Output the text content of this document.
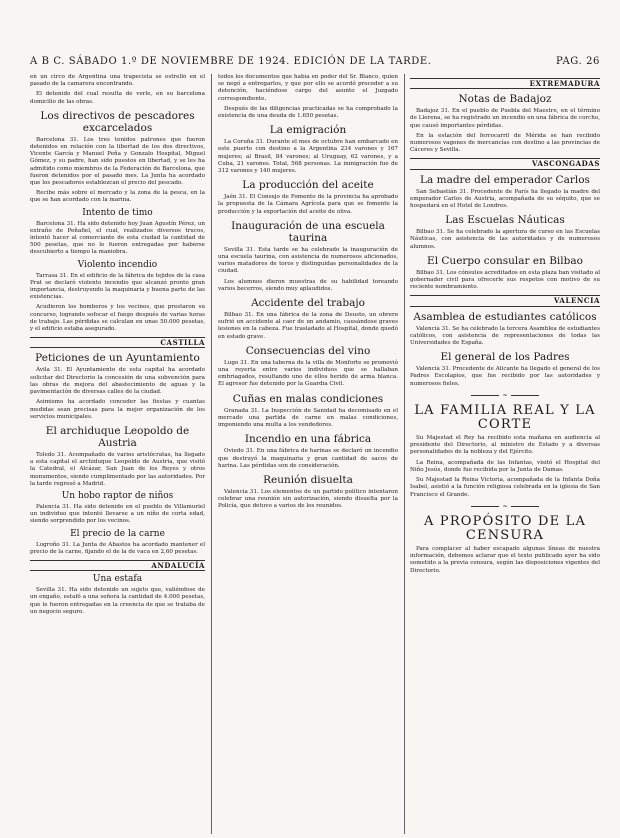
A B C. SÁBADO 1.º DE NOVIEMBRE DE 1924. EDICIÓN DE LA TARDE.	PAG. 26

en un circo de Argentina una trapecista se estrelló en el pasado de la camarera encontrando.

El detenido del cual resulta de verle, en su barcelona domicilio de las obras.

Los directivos de pescadores excarcelados

Barcelona 31. Los tres tenidos patrones que fueron detenidos en relación con la libertad de los dos directivos, Vicente García y Manuel Peña y Gonzalo Hospital, Miguel Gómez, y su padre, han sido puestos en libertad, y se les ha admitido como miembros de la Federación de Barcelona, que fueron detenidos por el pasado mes. La Junta ha acordado que los pescadores establezcan el precio del pescado.

Recibe más sobre el mercado y la zona de la pesca, en la que se han acordado con la marina.

Intento de timo

Barcelona 31. Ha sido detenido hoy Juan Agustín Pérez, un extraño de Peñafiel, el cual, realizados diversos trucos, intentó hacer al comerciante de esta ciudad la cantidad de 500 pesetas, que no le fueron entregadas por haberse descubierto a tiempo la maniobra.

Violento incendio

Tarrasa 31. En el edificio de la fábrica de tejidos de la casa Prat se declaró violento incendio que alcanzó pronto gran importancia, destruyendo la maquinaria y buena parte de las existencias.

Acudieron los bomberos y los vecinos, que prestaron su concurso, logrando sofocar el fuego después de varias horas de trabajo. Las pérdidas se calculan en unas 50.000 pesetas, y el edificio estaba asegurado.

CASTILLA
Peticiones de un Ayuntamiento

Ávila 31. El Ayuntamiento de esta capital ha acordado solicitar del Directorio la concesión de una subvención para las obras de mejora del abastecimiento de aguas y la pavimentación de diversas calles de la ciudad.

Asimismo ha acordado conceder las fiestas y cuantas medidas sean precisas para la mejor organización de los servicios municipales.

El archiduque Leopoldo de Austria

Toledo 31. Acompañado de varios aristócratas, ha llegado a esta capital el archiduque Leopoldo de Austria, que visitó la Catedral, el Alcázar, San Juan de los Reyes y otros monumentos, siendo cumplimentado por las autoridades. Por la tarde regresó a Madrid.

Un hobo raptor de niños

Palencia 31. Ha sido detenido en el pueblo de Villamuriel un individuo que intentó llevarse a un niño de corta edad, siendo sorprendido por los vecinos.

El precio de la carne

Logroño 31. La Junta de Abastos ha acordado mantener el precio de la carne, fijando el de la de vaca en 2,60 pesetas.

ANDALUCÍA
Una estafa

Sevilla 31. Ha sido detenido un sujeto que, valiéndose de un engaño, estafó a una señora la cantidad de 4.000 pesetas, que le fueron entregadas en la creencia de que se trataba de un negocio seguro.

todos los documentos que había en poder del Sr. Blanco, quien se negó a entregarlos, y que por ello se acordó proceder a su detención, haciéndose cargo del asunto el Juzgado correspondiente.

Después de las diligencias practicadas se ha comprobado la existencia de una deuda de 1.650 pesetas.

La emigración

La Coruña 31. Durante el mes de octubre han embarcado en este puerto con destino a la Argentina 234 varones y 167 mujeres; al Brasil, 84 varones; al Uruguay, 62 varones, y a Cuba, 21 varones. Total, 568 personas. La inmigración fue de 312 varones y 140 mujeres.

La producción del aceite

Jaén 31. El Consejo de Fomento de la provincia ha aprobado la propuesta de la Cámara Agrícola para que se fomente la producción y la exportación del aceite de oliva.

Inauguración de una escuela taurina

Sevilla 31. Esta tarde se ha celebrado la inauguración de una escuela taurina, con asistencia de numerosos aficionados, varios matadores de toros y distinguidas personalidades de la ciudad.

Los alumnos dieron muestras de su habilidad toreando varios becerros, siendo muy aplaudidos.

Accidente del trabajo

Bilbao 31. En una fábrica de la zona de Deusto, un obrero sufrió un accidente al caer de un andamio, causándose graves lesiones en la cabeza. Fue trasladado al Hospital, donde quedó en estado grave.

Consecuencias del vino

Lugo 31. En una taberna de la villa de Monforte se promovió una reyerta entre varios individuos que se hallaban embriagados, resultando uno de ellos herido de arma blanca. El agresor fue detenido por la Guardia Civil.

Cuñas en malas condiciones

Granada 31. La Inspección de Sanidad ha decomisado en el mercado una partida de carne en malas condiciones, imponiendo una multa a los vendedores.

Incendio en una fábrica

Oviedo 31. En una fábrica de harinas se declaró un incendio que destruyó la maquinaria y gran cantidad de sacos de harina. Las pérdidas son de consideración.

Reunión disuelta

Valencia 31. Los elementos de un partido político intentaron celebrar una reunión sin autorización, siendo disuelta por la Policía, que detuvo a varios de los reunidos.

EXTREMADURA
Notas de Badajoz

Badajoz 31. En el pueblo de Puebla del Maestre, en el término de Llerena, se ha registrado un incendio en una fábrica de corcho, que causó importantes pérdidas.

En la estación del ferrocarril de Mérida se han recibido numerosos vagones de mercancías con destino a las provincias de Cáceres y Sevilla.

VASCONGADAS
La madre del emperador Carlos

San Sebastián 31. Procedente de París ha llegado la madre del emperador Carlos de Austria, acompañada de su séquito, que se hospedará en el Hotel de Londres.

Las Escuelas Náuticas

Bilbao 31. Se ha celebrado la apertura de curso en las Escuelas Náuticas, con asistencia de las autoridades y de numerosos alumnos.

El Cuerpo consular en Bilbao

Bilbao 31. Los cónsules acreditados en esta plaza han visitado al gobernador civil para ofrecerle sus respetos con motivo de su reciente nombramiento.

VALENCIA
Asamblea de estudiantes católicos

Valencia 31. Se ha celebrado la tercera Asamblea de estudiantes católicos, con asistencia de representaciones de todas las Universidades de España.

El general de los Padres

Valencia 31. Procedente de Alicante ha llegado el general de los Padres Escolapios, que fue recibido por las autoridades y numerosos fieles.

~
LA FAMILIA REAL Y LA CORTE

Su Majestad el Rey ha recibido esta mañana en audiencia al presidente del Directorio, al ministro de Estado y a diversas personalidades de la nobleza y del Ejército.

La Reina, acompañada de las Infantas, visitó el Hospital del Niño Jesús, donde fue recibida por la Junta de Damas.

Su Majestad la Reina Victoria, acompañada de la Infanta Doña Isabel, asistió a la función religiosa celebrada en la iglesia de San Francisco el Grande.

~
A PROPÓSITO DE LA CENSURA

Para complacer al haber escapado algunas líneas de nuestra información, debemos aclarar que el texto publicado ayer ha sido sometido a la previa censura, según las disposiciones vigentes del Directorio.
